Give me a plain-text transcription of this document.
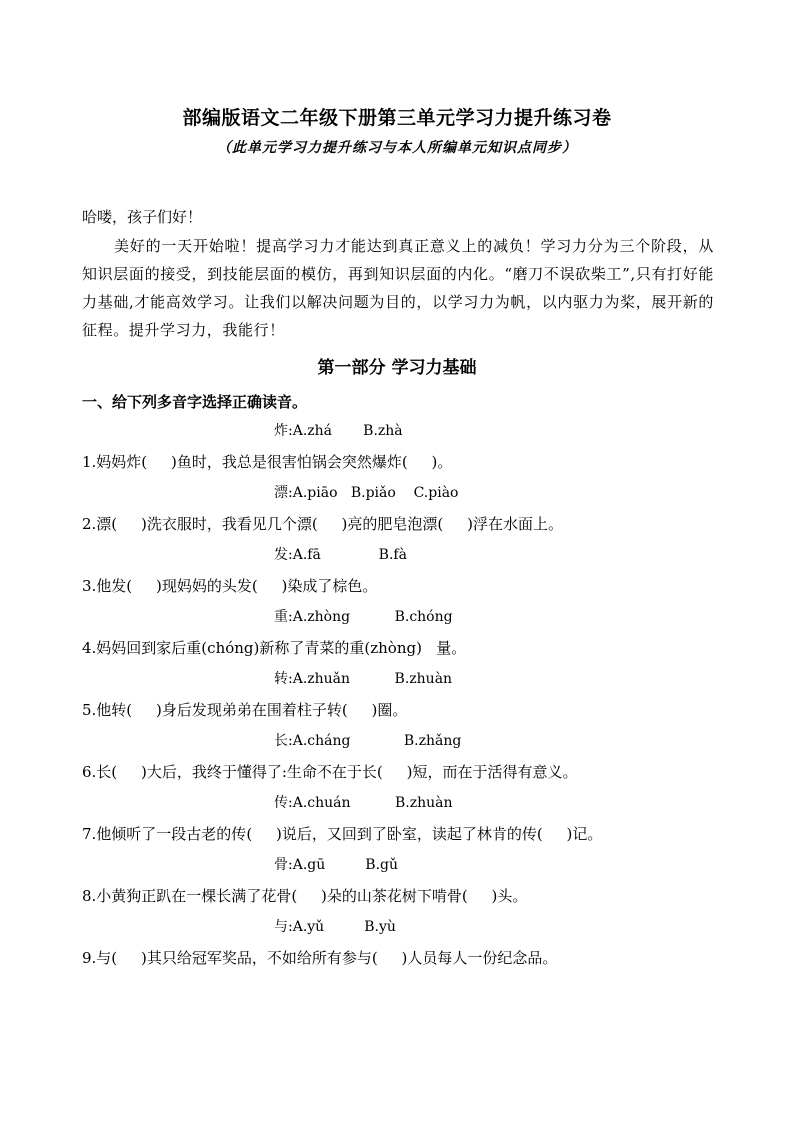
部编版语文二年级下册第三单元学习力提升练习卷
（此单元学习力提升练习与本人所编单元知识点同步）
哈喽，孩子们好！

美好的一天开始啦！提高学习力才能达到真正意义上的减负！学习力分为三个阶段，从知识层面的接受，到技能层面的模仿，再到知识层面的内化。“磨刀不误砍柴工”,只有打好能力基础,才能高效学习。让我们以解决问题为目的，以学习力为帆，以内驱力为桨，展开新的征程。提升学习力，我能行！

第一部分 学习力基础
一、给下列多音字选择正确读音。
炸:A.zhá       B.zhà
1.妈妈炸(     )鱼时，我总是很害怕锅会突然爆炸(     )。
漂:A.piāo   B.piǎo    C.piào
2.漂(     )洗衣服时，我看见几个漂(     )亮的肥皂泡漂(     )浮在水面上。
发:A.fā             B.fà
3.他发(     )现妈妈的头发(     )染成了棕色。
重:A.zhòng          B.chóng
4.妈妈回到家后重(chóng)新称了青菜的重(zhòng)   量。
转:A.zhuǎn          B.zhuàn
5.他转(     )身后发现弟弟在围着柱子转(     )圈。
长:A.cháng            B.zhǎng
6.长(     )大后，我终于懂得了:生命不在于长(     )短，而在于活得有意义。
传:A.chuán          B.zhuàn
7.他倾听了一段古老的传(     )说后，又回到了卧室，读起了林肯的传(     )记。
骨:A.gū         B.gǔ
8.小黄狗正趴在一棵长满了花骨(     )朵的山茶花树下啃骨(     )头。
与:A.yǔ         B.yù
9.与(     )其只给冠军奖品，不如给所有参与(     )人员每人一份纪念品。
